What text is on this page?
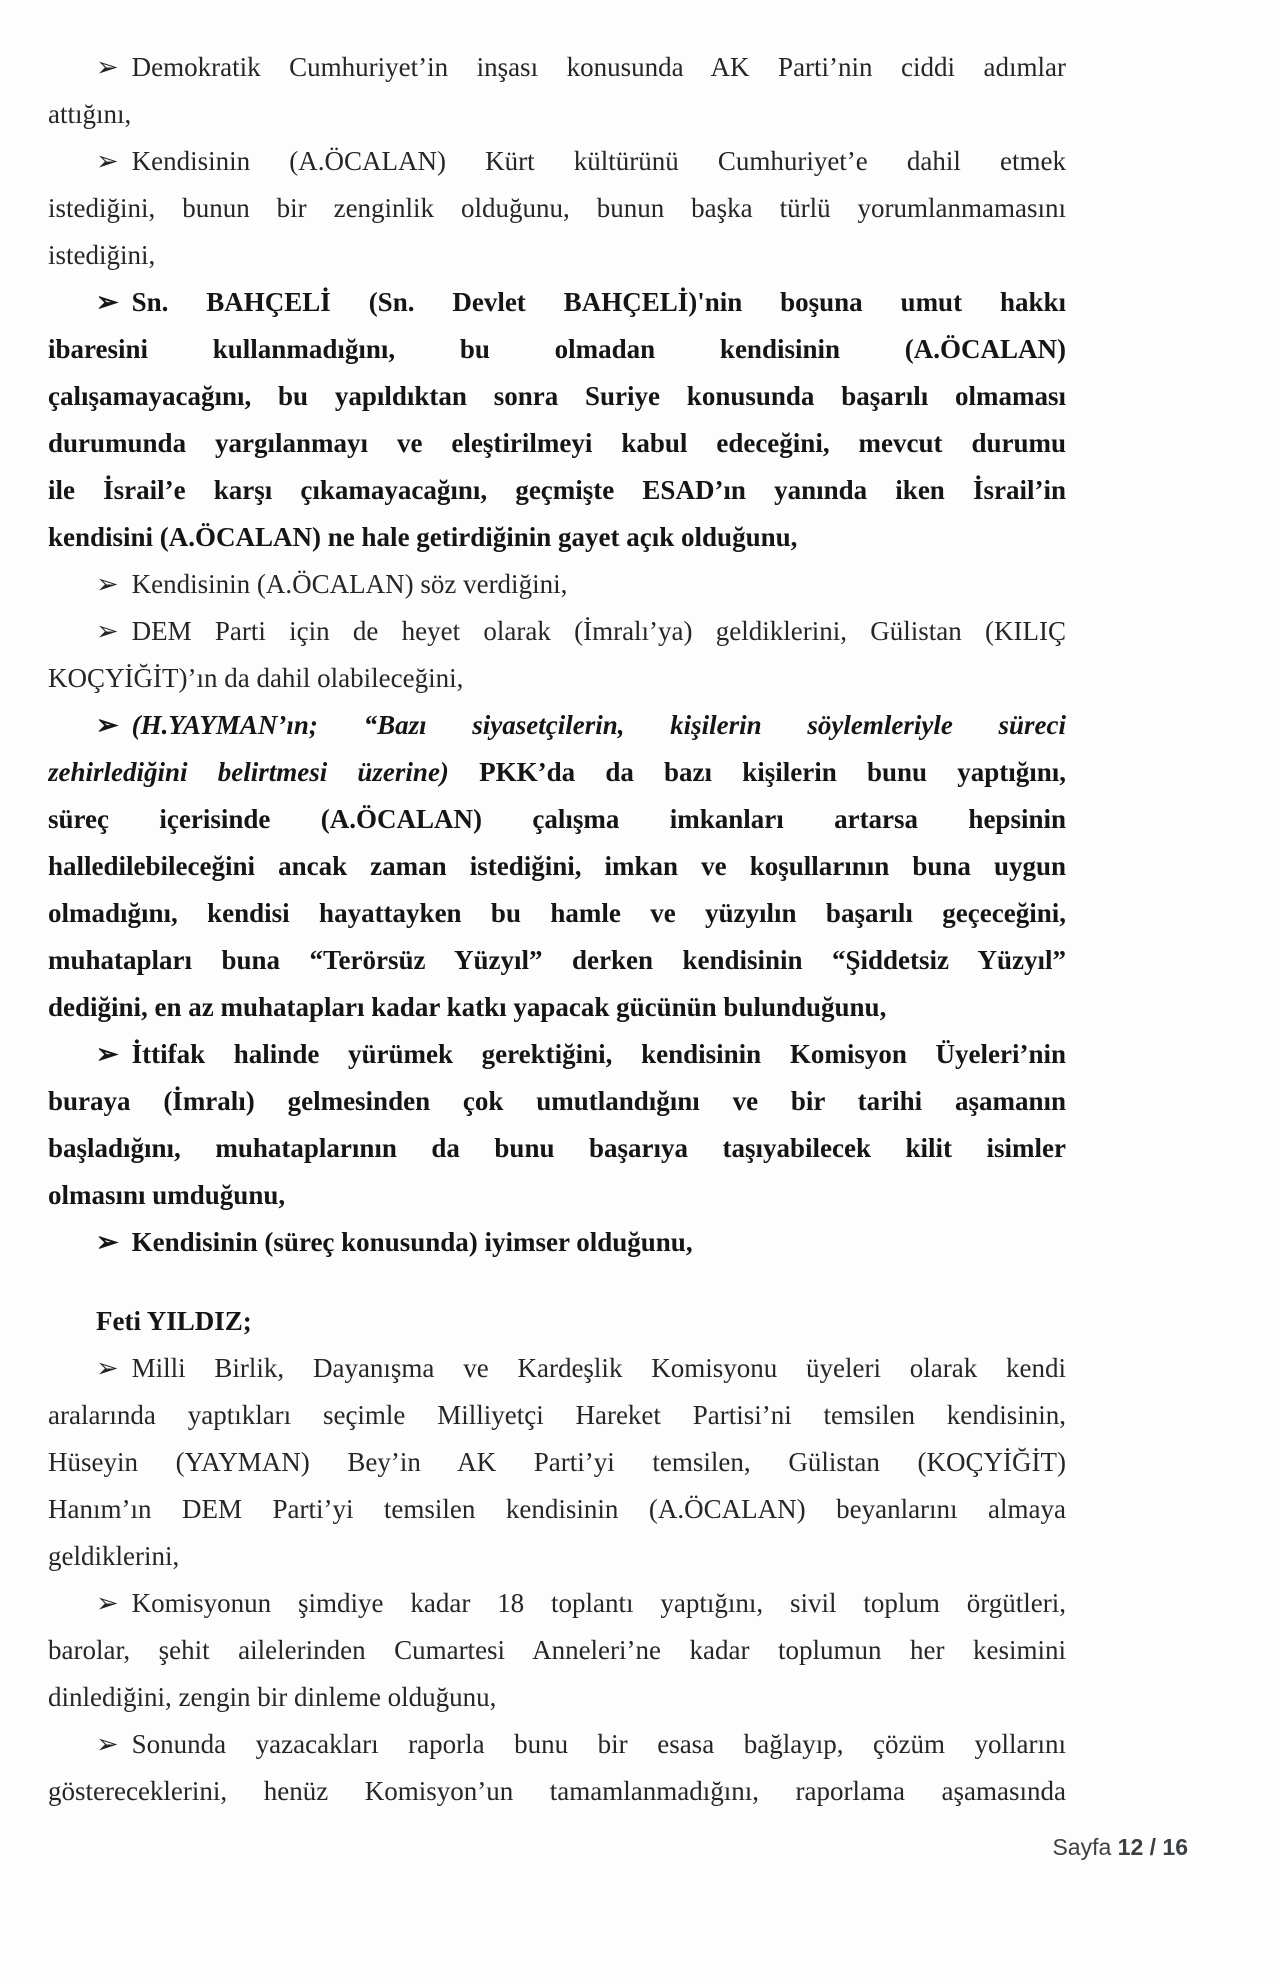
➢ Demokratik Cumhuriyet’in inşası konusunda AK Parti’nin ciddi adımlar
attığını,
➢ Kendisinin (A.ÖCALAN) Kürt kültürünü Cumhuriyet’e dahil etmek
istediğini, bunun bir zenginlik olduğunu, bunun başka türlü yorumlanmamasını
istediğini,
➢ Sn. BAHÇELİ (Sn. Devlet BAHÇELİ)'nin boşuna umut hakkı
ibaresini kullanmadığını, bu olmadan kendisinin (A.ÖCALAN)
çalışamayacağını, bu yapıldıktan sonra Suriye konusunda başarılı olmaması
durumunda yargılanmayı ve eleştirilmeyi kabul edeceğini, mevcut durumu
ile İsrail’e karşı çıkamayacağını, geçmişte ESAD’ın yanında iken İsrail’in
kendisini (A.ÖCALAN) ne hale getirdiğinin gayet açık olduğunu,
➢ Kendisinin (A.ÖCALAN) söz verdiğini,
➢ DEM Parti için de heyet olarak (İmralı’ya) geldiklerini, Gülistan (KILIÇ
KOÇYİĞİT)’ın da dahil olabileceğini,
➢ (H.YAYMAN’ın; “Bazı siyasetçilerin, kişilerin söylemleriyle süreci
zehirlediğini belirtmesi üzerine) PKK’da da bazı kişilerin bunu yaptığını,
süreç içerisinde (A.ÖCALAN) çalışma imkanları artarsa hepsinin
halledilebileceğini ancak zaman istediğini, imkan ve koşullarının buna uygun
olmadığını, kendisi hayattayken bu hamle ve yüzyılın başarılı geçeceğini,
muhatapları buna “Terörsüz Yüzyıl” derken kendisinin “Şiddetsiz Yüzyıl”
dediğini, en az muhatapları kadar katkı yapacak gücünün bulunduğunu,
➢ İttifak halinde yürümek gerektiğini, kendisinin Komisyon Üyeleri’nin
buraya (İmralı) gelmesinden çok umutlandığını ve bir tarihi aşamanın
başladığını, muhataplarının da bunu başarıya taşıyabilecek kilit isimler
olmasını umduğunu,
➢ Kendisinin (süreç konusunda) iyimser olduğunu,
Feti YILDIZ;
➢ Milli Birlik, Dayanışma ve Kardeşlik Komisyonu üyeleri olarak kendi
aralarında yaptıkları seçimle Milliyetçi Hareket Partisi’ni temsilen kendisinin,
Hüseyin (YAYMAN) Bey’in AK Parti’yi temsilen, Gülistan (KOÇYİĞİT)
Hanım’ın DEM Parti’yi temsilen kendisinin (A.ÖCALAN) beyanlarını almaya
geldiklerini,
➢ Komisyonun şimdiye kadar 18 toplantı yaptığını, sivil toplum örgütleri,
barolar, şehit ailelerinden Cumartesi Anneleri’ne kadar toplumun her kesimini
dinlediğini, zengin bir dinleme olduğunu,
➢ Sonunda yazacakları raporla bunu bir esasa bağlayıp, çözüm yollarını
göstereceklerini, henüz Komisyon’un tamamlanmadığını, raporlama aşamasında
Sayfa 12 / 16
